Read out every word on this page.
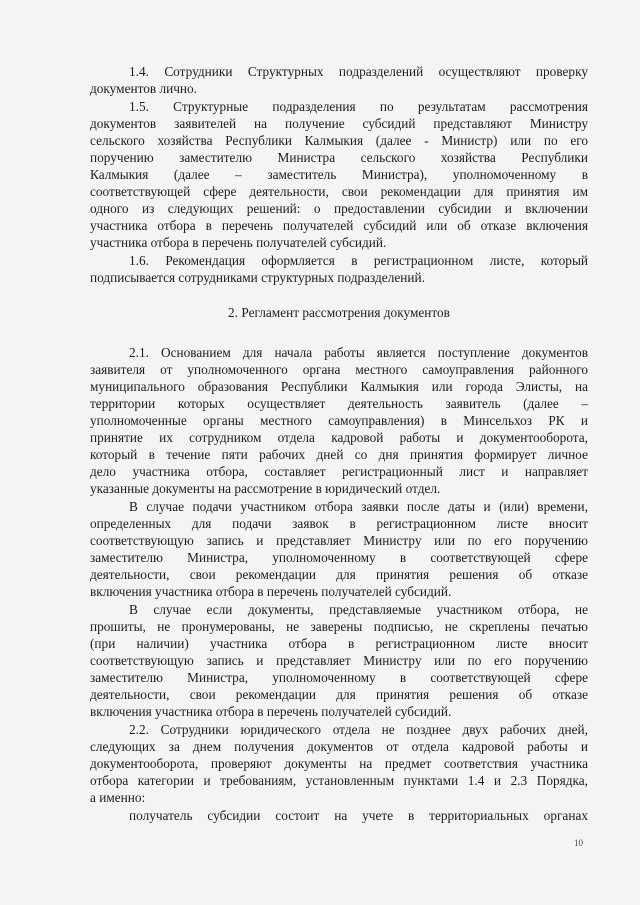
1.4. Сотрудники Структурных подразделений осуществляют проверку
документов лично.
1.5. Структурные подразделения по результатам рассмотрения
документов заявителей на получение субсидий представляют Министру
сельского хозяйства Республики Калмыкия (далее - Министр) или по его
поручению заместителю Министра сельского хозяйства Республики
Калмыкия (далее – заместитель Министра), уполномоченному в
соответствующей сфере деятельности, свои рекомендации для принятия им
одного из следующих решений: о предоставлении субсидии и включении
участника отбора в перечень получателей субсидий или об отказе включения
участника отбора в перечень получателей субсидий.
1.6. Рекомендация оформляется в регистрационном листе, который
подписывается сотрудниками структурных подразделений.
2. Регламент рассмотрения документов
2.1. Основанием для начала работы является поступление документов
заявителя от уполномоченного органа местного самоуправления районного
муниципального образования Республики Калмыкия или города Элисты, на
территории которых осуществляет деятельность заявитель (далее –
уполномоченные органы местного самоуправления) в Минсельхоз РК и
принятие их сотрудником отдела кадровой работы и документооборота,
который в течение пяти рабочих дней со дня принятия формирует личное
дело участника отбора, составляет регистрационный лист и направляет
указанные документы на рассмотрение в юридический отдел.
В случае подачи участником отбора заявки после даты и (или) времени,
определенных для подачи заявок в регистрационном листе вносит
соответствующую запись и представляет Министру или по его поручению
заместителю Министра, уполномоченному в соответствующей сфере
деятельности, свои рекомендации для принятия решения об отказе
включения участника отбора в перечень получателей субсидий.
В случае если документы, представляемые участником отбора, не
прошиты, не пронумерованы, не заверены подписью, не скреплены печатью
(при наличии) участника отбора в регистрационном листе вносит
соответствующую запись и представляет Министру или по его поручению
заместителю Министра, уполномоченному в соответствующей сфере
деятельности, свои рекомендации для принятия решения об отказе
включения участника отбора в перечень получателей субсидий.
2.2. Сотрудники юридического отдела не позднее двух рабочих дней,
следующих за днем получения документов от отдела кадровой работы и
документооборота, проверяют документы на предмет соответствия участника
отбора категории и требованиям, установленным пунктами 1.4 и 2.3 Порядка,
а именно:
получатель субсидии состоит на учете в территориальных органах
10
